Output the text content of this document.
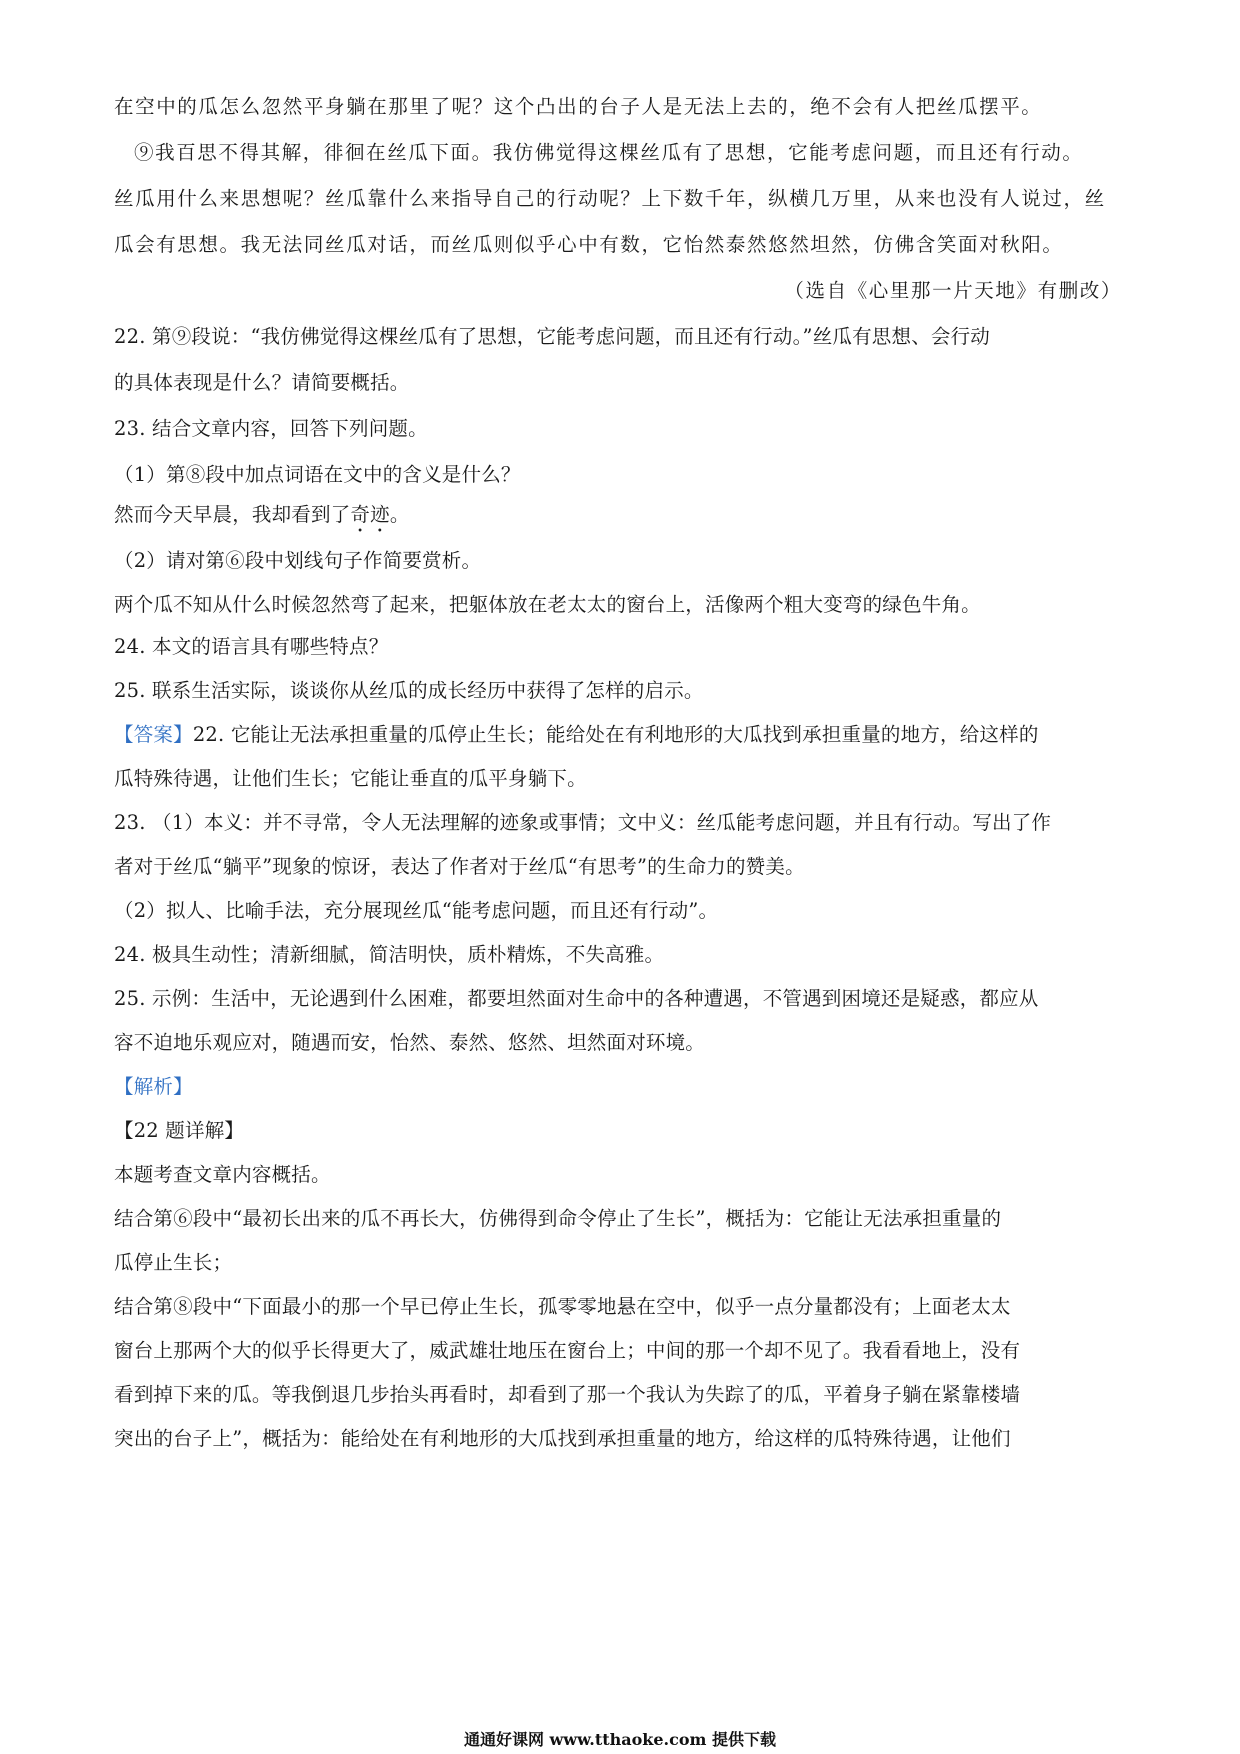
在空中的瓜怎么忽然平身躺在那里了呢？这个凸出的台子人是无法上去的，绝不会有人把丝瓜摆平。
⑨我百思不得其解，徘徊在丝瓜下面。我仿佛觉得这棵丝瓜有了思想，它能考虑问题，而且还有行动。
丝瓜用什么来思想呢？丝瓜靠什么来指导自己的行动呢？上下数千年，纵横几万里，从来也没有人说过，丝
瓜会有思想。我无法同丝瓜对话，而丝瓜则似乎心中有数，它怡然泰然悠然坦然，仿佛含笑面对秋阳。
（选自《心里那一片天地》有删改）
22. 第⑨段说：“我仿佛觉得这棵丝瓜有了思想，它能考虑问题，而且还有行动。”丝瓜有思想、会行动
的具体表现是什么？请简要概括。
23. 结合文章内容，回答下列问题。
（1）第⑧段中加点词语在文中的含义是什么？
然而今天早晨，我却看到了奇迹。
（2）请对第⑥段中划线句子作简要赏析。
两个瓜不知从什么时候忽然弯了起来，把躯体放在老太太的窗台上，活像两个粗大变弯的绿色牛角。
24. 本文的语言具有哪些特点？
25. 联系生活实际，谈谈你从丝瓜的成长经历中获得了怎样的启示。
【答案】22. 它能让无法承担重量的瓜停止生长；能给处在有利地形的大瓜找到承担重量的地方，给这样的
瓜特殊待遇，让他们生长；它能让垂直的瓜平身躺下。
23. （1）本义：并不寻常，令人无法理解的迹象或事情；文中义：丝瓜能考虑问题，并且有行动。写出了作
者对于丝瓜“躺平”现象的惊讶，表达了作者对于丝瓜“有思考”的生命力的赞美。
（2）拟人、比喻手法，充分展现丝瓜“能考虑问题，而且还有行动”。
24. 极具生动性；清新细腻，简洁明快，质朴精炼，不失高雅。
25. 示例：生活中，无论遇到什么困难，都要坦然面对生命中的各种遭遇，不管遇到困境还是疑惑，都应从
容不迫地乐观应对，随遇而安，怡然、泰然、悠然、坦然面对环境。
【解析】
【22 题详解】
本题考查文章内容概括。
结合第⑥段中“最初长出来的瓜不再长大，仿佛得到命令停止了生长”，概括为：它能让无法承担重量的
瓜停止生长；
结合第⑧段中“下面最小的那一个早已停止生长，孤零零地悬在空中，似乎一点分量都没有；上面老太太
窗台上那两个大的似乎长得更大了，威武雄壮地压在窗台上；中间的那一个却不见了。我看看地上，没有
看到掉下来的瓜。等我倒退几步抬头再看时，却看到了那一个我认为失踪了的瓜，平着身子躺在紧靠楼墙
突出的台子上”，概括为：能给处在有利地形的大瓜找到承担重量的地方，给这样的瓜特殊待遇，让他们
通通好课网 www.tthaoke.com 提供下载
